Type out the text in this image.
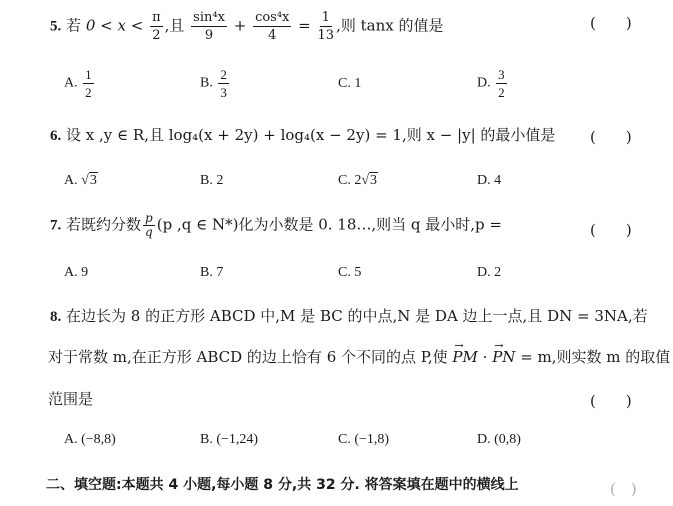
5. 若 $0 < x < \frac{\pi}{2}$ ,且 $\frac{\text{sin⁴x}}{9} + \frac{\text{cos⁴x}}{4} = \frac{1}{13}$ ,则 tanx 的值是	(　　)
A. $\frac{1}{2}$	B. $\frac{2}{3}$	C. 1	D. $\frac{3}{2}$
6. 设 x ,y ∈ R,且 log₄(x + 2y) + log₄(x − 2y) = 1,则 x − |y| 的最小值是 (　　)
A. √3	B. 2	C. 2√3	D. 4
7. 若既约分数 $\frac{p}{q} (p$ ,q ∈ N*)化为小数是 0. 18…,则当 q 最小时,p =	(　　)
A. 9	B. 7	C. 5	D. 2
8. 在边长为 8 的正方形 ABCD 中,M 是 BC 的中点,N 是 DA 边上一点,且 DN = 3NA,若
对于常数 m,在正方形 ABCD 的边上恰有 6 个不同的点 P,使 → PM · → PN = m,则实数 m 的取值
范围是	(　　)
A. (−8,8)	B. (−1,24)	C. (−1,8)	D. (0,8)
二、填空题:本题共 4 小题,每小题 8 分,共 32 分. 将答案填在题中的横线上	(　)
